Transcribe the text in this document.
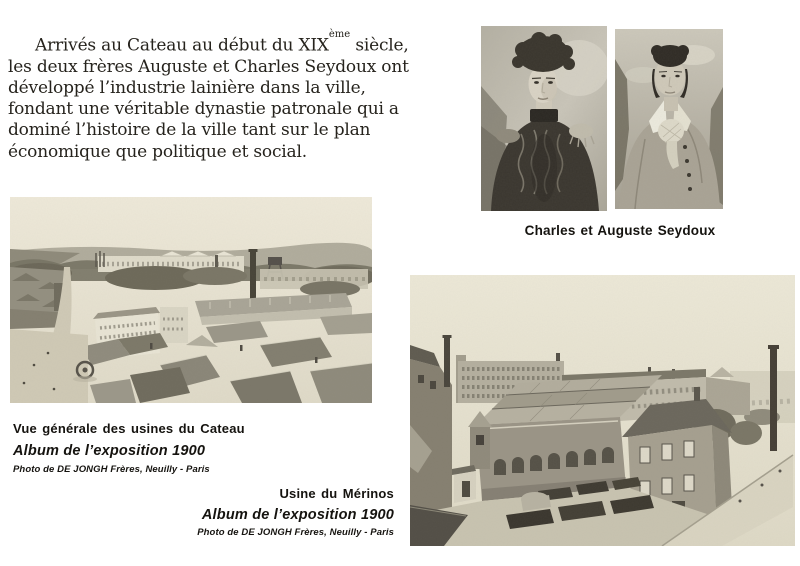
Arrivés au Cateau au début du XIXème siècle,
les deux frères Auguste et Charles Seydoux ont
développé l’industrie lainière dans la ville,
fondant une véritable dynastie patronale qui a
dominé l’histoire de la ville tant sur le plan
économique que politique et social.
Charles et Auguste Seydoux
Vue générale des usines du Cateau
Album de l’exposition 1900
Photo de DE JONGH Frères, Neuilly - Paris
Usine du Mérinos
Album de l’exposition 1900
Photo de DE JONGH Frères, Neuilly - Paris
